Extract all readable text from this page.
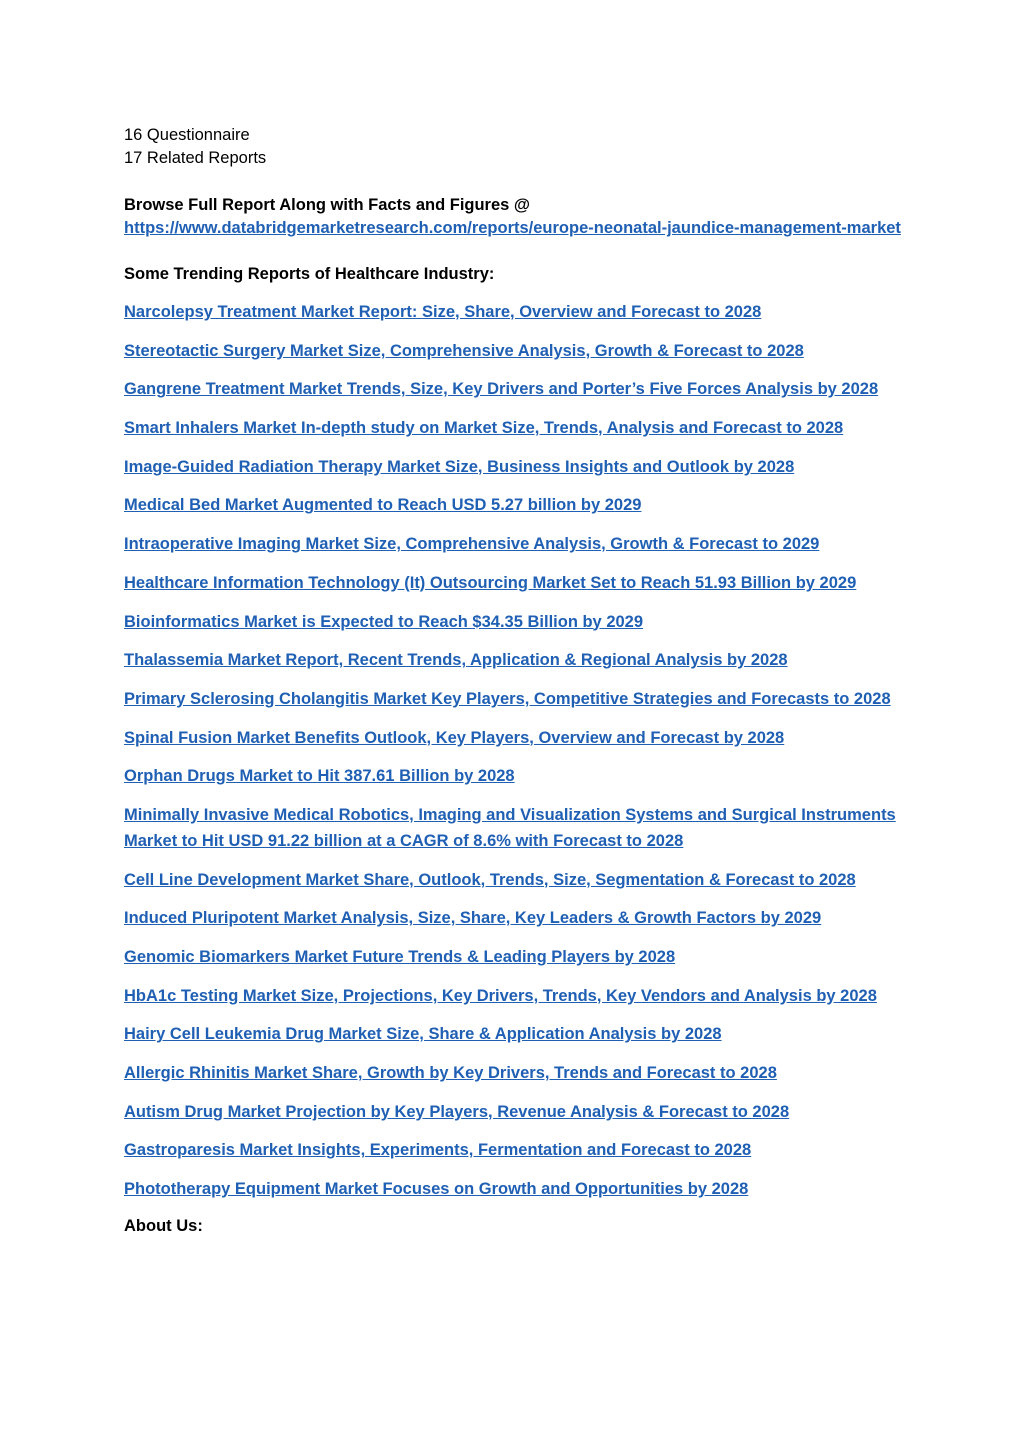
16 Questionnaire

17 Related Reports

Browse Full Report Along with Facts and Figures @

https://www.databridgemarketresearch.com/reports/europe-neonatal-jaundice-management-market

Some Trending Reports of Healthcare Industry:

Narcolepsy Treatment Market Report: Size, Share, Overview and Forecast to 2028
Stereotactic Surgery Market Size, Comprehensive Analysis, Growth & Forecast to 2028
Gangrene Treatment Market Trends, Size, Key Drivers and Porter’s Five Forces Analysis by 2028
Smart Inhalers Market In-depth study on Market Size, Trends, Analysis and Forecast to 2028
Image-Guided Radiation Therapy Market Size, Business Insights and Outlook by 2028
Medical Bed Market Augmented to Reach USD 5.27 billion by 2029
Intraoperative Imaging Market Size, Comprehensive Analysis, Growth & Forecast to 2029
Healthcare Information Technology (It) Outsourcing Market Set to Reach 51.93 Billion by 2029
Bioinformatics Market is Expected to Reach $34.35 Billion by 2029
Thalassemia Market Report, Recent Trends, Application & Regional Analysis by 2028
Primary Sclerosing Cholangitis Market Key Players, Competitive Strategies and Forecasts to 2028
Spinal Fusion Market Benefits Outlook, Key Players, Overview and Forecast by 2028
Orphan Drugs Market to Hit 387.61 Billion by 2028
Minimally Invasive Medical Robotics, Imaging and Visualization Systems and Surgical Instruments Market to Hit USD 91.22 billion at a CAGR of 8.6% with Forecast to 2028
Cell Line Development Market Share, Outlook, Trends, Size, Segmentation & Forecast to 2028
Induced Pluripotent Market Analysis, Size, Share, Key Leaders & Growth Factors by 2029
Genomic Biomarkers Market Future Trends & Leading Players by 2028
HbA1c Testing Market Size, Projections, Key Drivers, Trends, Key Vendors and Analysis by 2028
Hairy Cell Leukemia Drug Market Size, Share & Application Analysis by 2028
Allergic Rhinitis Market Share, Growth by Key Drivers, Trends and Forecast to 2028
Autism Drug Market Projection by Key Players, Revenue Analysis & Forecast to 2028
Gastroparesis Market Insights, Experiments, Fermentation and Forecast to 2028
Phototherapy Equipment Market Focuses on Growth and Opportunities by 2028

About Us:
